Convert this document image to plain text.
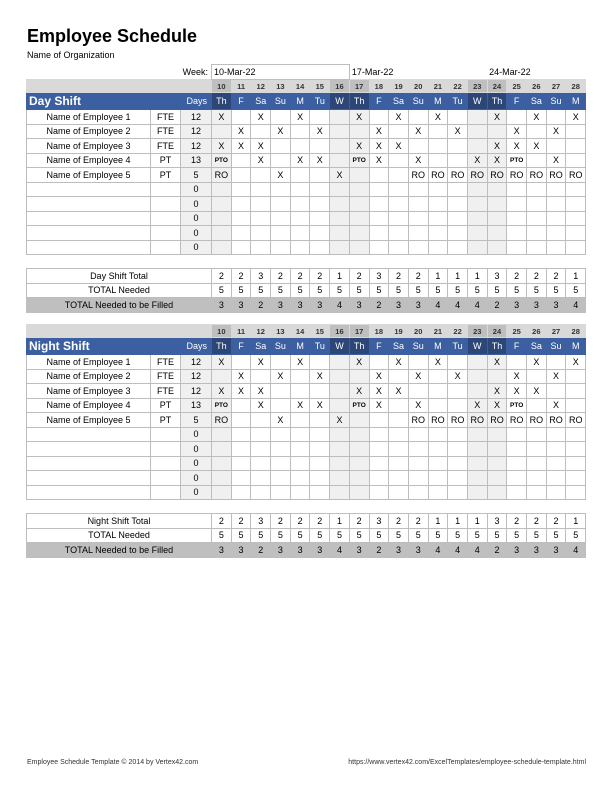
Employee Schedule
Name of Organization
Week:			10-Mar-22							17-Mar-22							24-Mar-22				
			10	11	12	13	14	15	16	17	18	19	20	21	22	23	24	25	26	27	28
Day Shift		Days	Th	F	Sa	Su	M	Tu	W	Th	F	Sa	Su	M	Tu	W	Th	F	Sa	Su	M
Name of Employee 1	FTE	12	X		X		X			X		X		X			X		X		X
Name of Employee 2	FTE	12		X		X		X			X		X		X			X		X	
Name of Employee 3	FTE	12	X	X	X					X	X	X					X	X	X		
Name of Employee 4	PT	13	PTO		X		X	X		PTO	X		X			X	X	PTO		X	
Name of Employee 5	PT	5	RO			X			X				RO	RO	RO	RO	RO	RO	RO	RO	RO
		0																			
		0																			
		0																			
		0																			
		0																			
Day Shift Total	2	2	3	2	2	2	1	2	3	2	2	1	1	1	3	2	2	2	1
TOTAL Needed	5	5	5	5	5	5	5	5	5	5	5	5	5	5	5	5	5	5	5
TOTAL Needed to be Filled	3	3	2	3	3	3	4	3	2	3	3	4	4	4	2	3	3	3	4
			10	11	12	13	14	15	16	17	18	19	20	21	22	23	24	25	26	27	28
Night Shift		Days	Th	F	Sa	Su	M	Tu	W	Th	F	Sa	Su	M	Tu	W	Th	F	Sa	Su	M
Name of Employee 1	FTE	12	X		X		X			X		X		X			X		X		X
Name of Employee 2	FTE	12		X		X		X			X		X		X			X		X	
Name of Employee 3	FTE	12	X	X	X					X	X	X					X	X	X		
Name of Employee 4	PT	13	PTO		X		X	X		PTO	X		X			X	X	PTO		X	
Name of Employee 5	PT	5	RO			X			X				RO	RO	RO	RO	RO	RO	RO	RO	RO
		0																			
		0																			
		0																			
		0																			
		0																			
Night Shift Total	2	2	3	2	2	2	1	2	3	2	2	1	1	1	3	2	2	2	1
TOTAL Needed	5	5	5	5	5	5	5	5	5	5	5	5	5	5	5	5	5	5	5
TOTAL Needed to be Filled	3	3	2	3	3	3	4	3	2	3	3	4	4	4	2	3	3	3	4
Employee Schedule Template © 2014 by Vertex42.com	https://www.vertex42.com/ExcelTemplates/employee-schedule-template.html
